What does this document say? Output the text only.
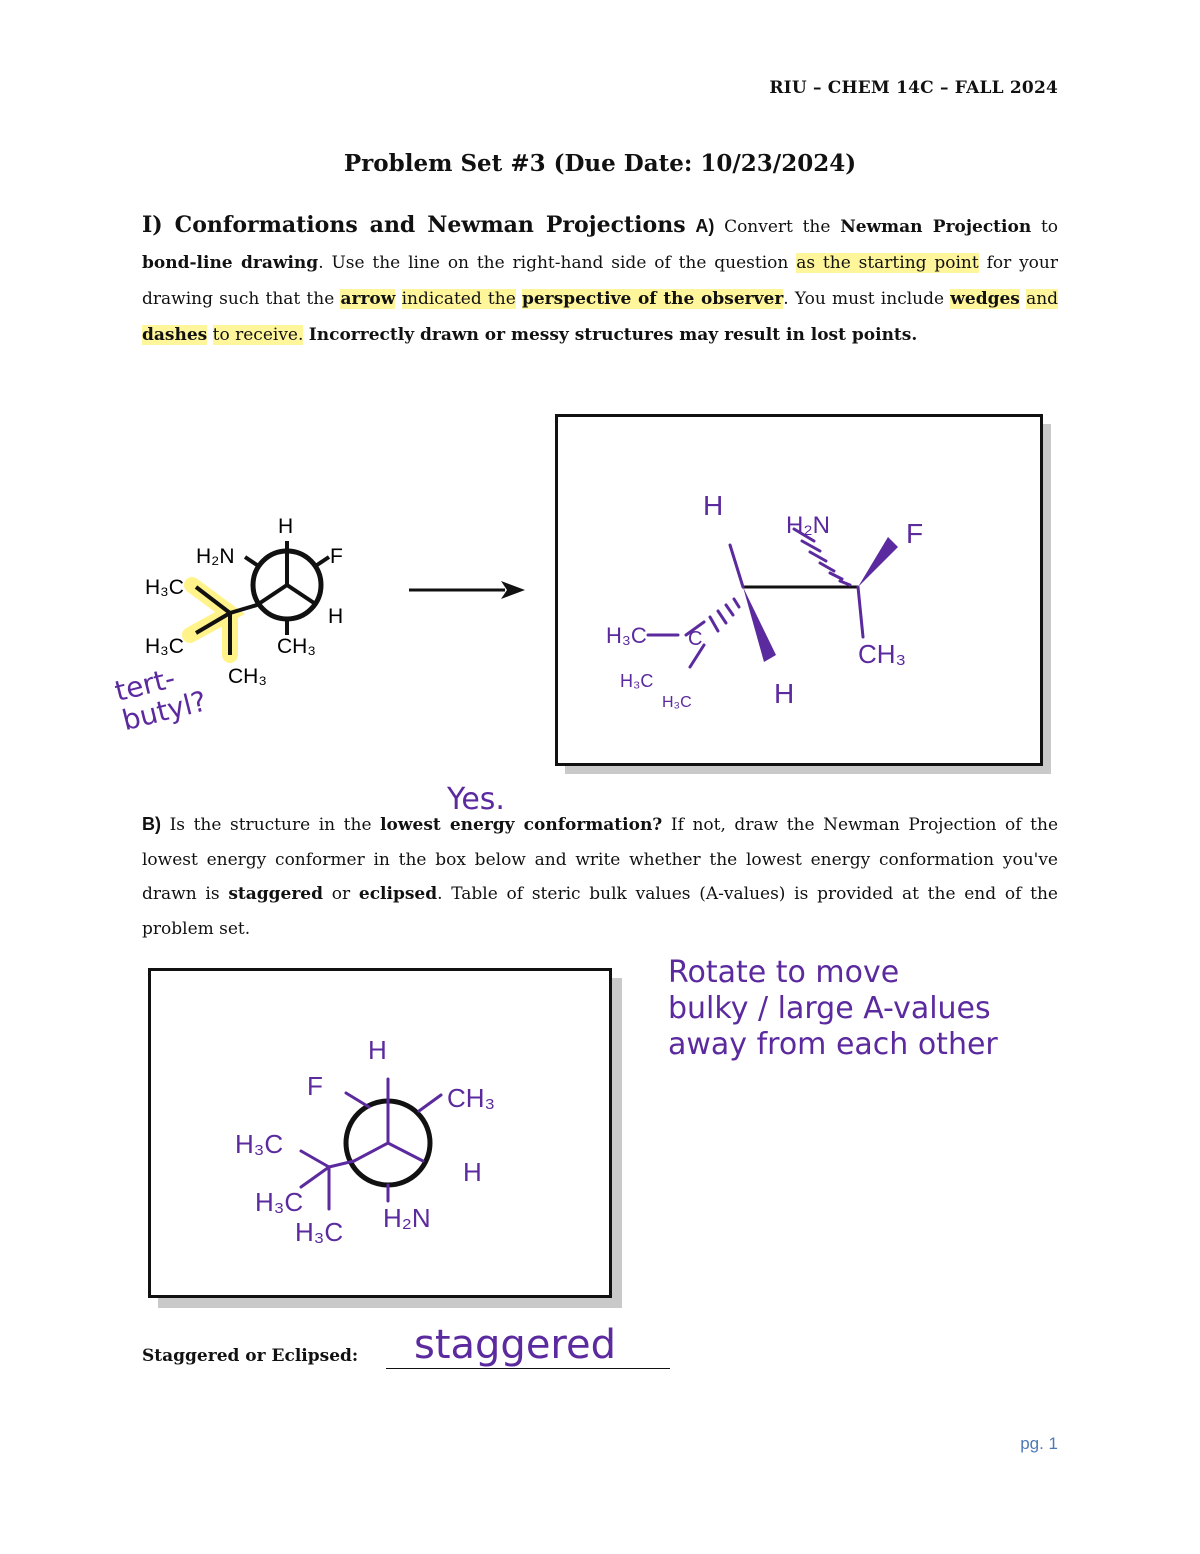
RIU – CHEM 14C – FALL 2024
Problem Set #3 (Due Date: 10/23/2024)
I) Conformations and Newman Projections A) Convert the Newman Projection to bond-line drawing. Use the line on the right-hand side of the question as the starting point for your drawing such that the arrow indicated the perspective of the observer. You must include wedges and dashes to receive. Incorrectly drawn or messy structures may result in lost points.
H
H₂N	F
H
CH₃
H₃C
H₃C
CH₃
tert-butyl?
H
H₂N	F
CH₃
H
H₃C C
H₃C
H₃C
Yes.
B) Is the structure in the lowest energy conformation? If not, draw the Newman Projection of the lowest energy conformer in the box below and write whether the lowest energy conformation you've drawn is staggered or eclipsed. Table of steric bulk values (A-values) is provided at the end of the problem set.
H
F	CH₃
H
H₂N
H₃C
H₃C
H₃C
Rotate to move
bulky / large A-values
away from each other
Staggered or Eclipsed: staggered
pg. 1
